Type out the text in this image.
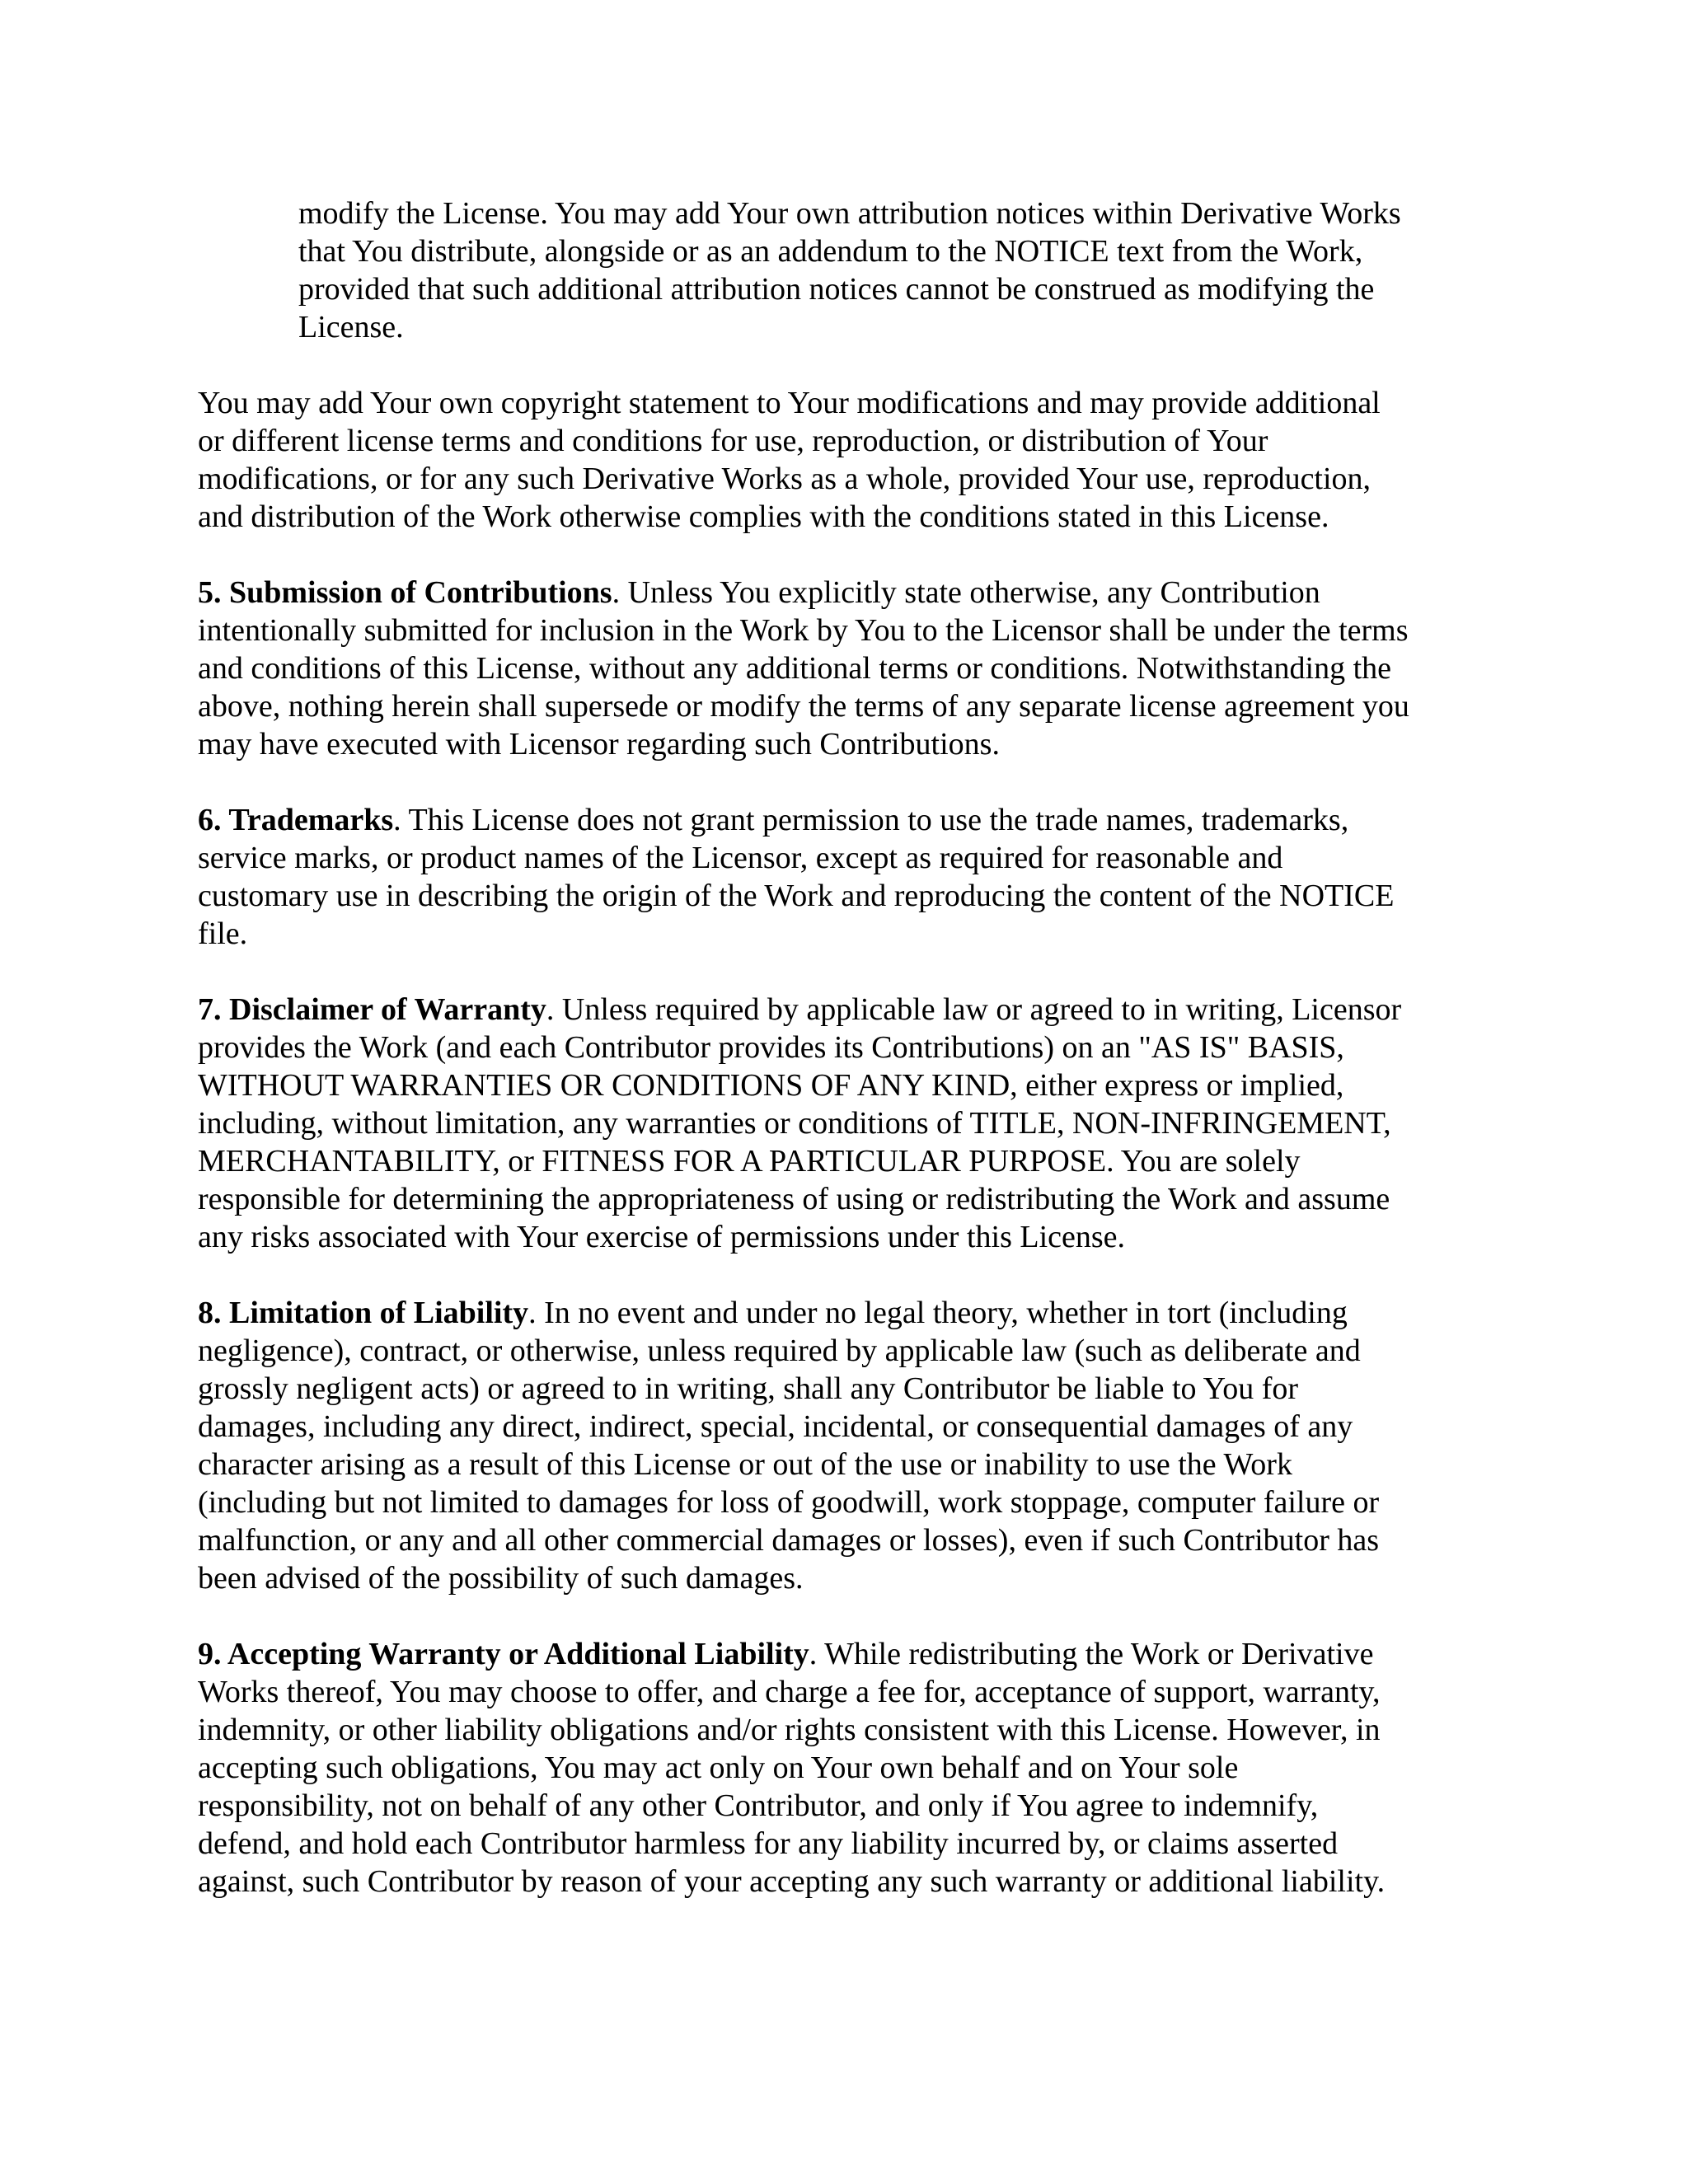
modify the License. You may add Your own attribution notices within Derivative Works
that You distribute, alongside or as an addendum to the NOTICE text from the Work,
provided that such additional attribution notices cannot be construed as modifying the
License.
You may add Your own copyright statement to Your modifications and may provide additional
or different license terms and conditions for use, reproduction, or distribution of Your
modifications, or for any such Derivative Works as a whole, provided Your use, reproduction,
and distribution of the Work otherwise complies with the conditions stated in this License.
5. Submission of Contributions. Unless You explicitly state otherwise, any Contribution
intentionally submitted for inclusion in the Work by You to the Licensor shall be under the terms
and conditions of this License, without any additional terms or conditions. Notwithstanding the
above, nothing herein shall supersede or modify the terms of any separate license agreement you
may have executed with Licensor regarding such Contributions.
6. Trademarks. This License does not grant permission to use the trade names, trademarks,
service marks, or product names of the Licensor, except as required for reasonable and
customary use in describing the origin of the Work and reproducing the content of the NOTICE
file.
7. Disclaimer of Warranty. Unless required by applicable law or agreed to in writing, Licensor
provides the Work (and each Contributor provides its Contributions) on an "AS IS" BASIS,
WITHOUT WARRANTIES OR CONDITIONS OF ANY KIND, either express or implied,
including, without limitation, any warranties or conditions of TITLE, NON-INFRINGEMENT,
MERCHANTABILITY, or FITNESS FOR A PARTICULAR PURPOSE. You are solely
responsible for determining the appropriateness of using or redistributing the Work and assume
any risks associated with Your exercise of permissions under this License.
8. Limitation of Liability. In no event and under no legal theory, whether in tort (including
negligence), contract, or otherwise, unless required by applicable law (such as deliberate and
grossly negligent acts) or agreed to in writing, shall any Contributor be liable to You for
damages, including any direct, indirect, special, incidental, or consequential damages of any
character arising as a result of this License or out of the use or inability to use the Work
(including but not limited to damages for loss of goodwill, work stoppage, computer failure or
malfunction, or any and all other commercial damages or losses), even if such Contributor has
been advised of the possibility of such damages.
9. Accepting Warranty or Additional Liability. While redistributing the Work or Derivative
Works thereof, You may choose to offer, and charge a fee for, acceptance of support, warranty,
indemnity, or other liability obligations and/or rights consistent with this License. However, in
accepting such obligations, You may act only on Your own behalf and on Your sole
responsibility, not on behalf of any other Contributor, and only if You agree to indemnify,
defend, and hold each Contributor harmless for any liability incurred by, or claims asserted
against, such Contributor by reason of your accepting any such warranty or additional liability.
